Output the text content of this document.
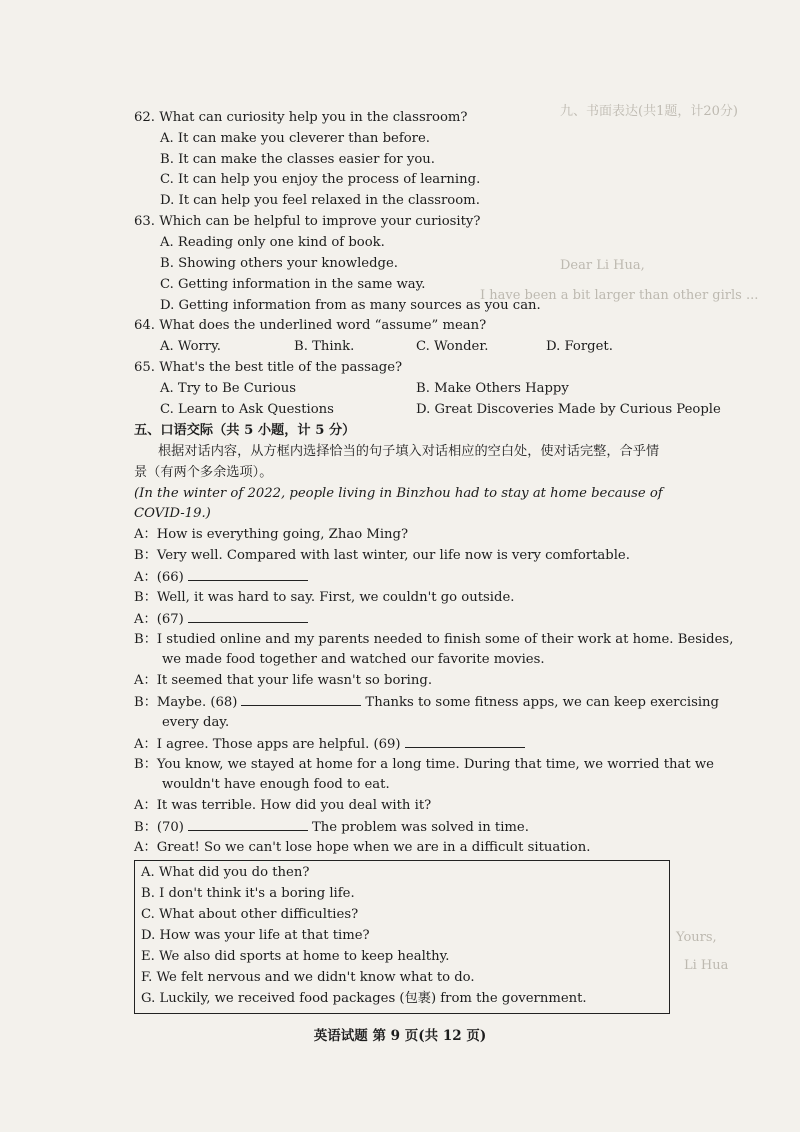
九、书面表达(共1题，计20分)
Dear Li Hua,
I have been a bit larger than other girls ...
Yours,
Li Hua
62. What can curiosity help you in the classroom?
A. It can make you cleverer than before.
B. It can make the classes easier for you.
C. It can help you enjoy the process of learning.
D. It can help you feel relaxed in the classroom.
63. Which can be helpful to improve your curiosity?
A. Reading only one kind of book.
B. Showing others your knowledge.
C. Getting information in the same way.
D. Getting information from as many sources as you can.
64. What does the underlined word “assume” mean?
A. Worry.	B. Think.	C. Wonder.	D. Forget.
65. What's the best title of the passage?
A. Try to Be Curious	B. Make Others Happy
C. Learn to Ask Questions	D. Great Discoveries Made by Curious People
五、口语交际（共 5 小题，计 5 分）
根据对话内容，从方框内选择恰当的句子填入对话相应的空白处，使对话完整，合乎情
景（有两个多余选项）。
(In the winter of 2022, people living in Binzhou had to stay at home because of
COVID-19.)
A：How is everything going, Zhao Ming?
B：Very well. Compared with last winter, our life now is very comfortable.
A：(66)
B：Well, it was hard to say. First, we couldn't go outside.
A：(67)
B：I studied online and my parents needed to finish some of their work at home. Besides,
we made food together and watched our favorite movies.
A：It seemed that your life wasn't so boring.
B：Maybe. (68)	Thanks to some fitness apps, we can keep exercising
every day.
A：I agree. Those apps are helpful. (69)
B：You know, we stayed at home for a long time. During that time, we worried that we
wouldn't have enough food to eat.
A：It was terrible. How did you deal with it?
B：(70)	The problem was solved in time.
A：Great! So we can't lose hope when we are in a difficult situation.
A. What did you do then?
B. I don't think it's a boring life.
C. What about other difficulties?
D. How was your life at that time?
E. We also did sports at home to keep healthy.
F. We felt nervous and we didn't know what to do.
G. Luckily, we received food packages (包裹) from the government.
英语试题 第 9 页(共 12 页)
